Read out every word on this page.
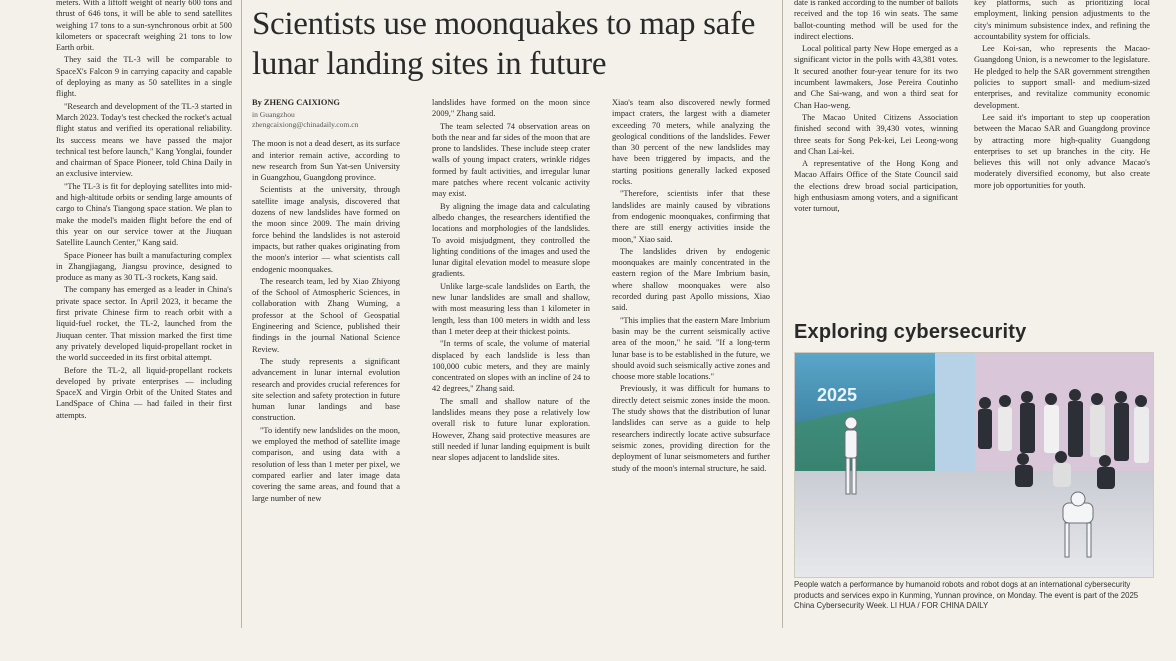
meters. With a liftoff weight of nearly 600 tons and thrust of 646 tons, it will be able to send satellites weighing 17 tons to a sun-synchronous orbit at 500 kilometers or spacecraft weighing 21 tons to low Earth orbit.

They said the TL-3 will be comparable to SpaceX's Falcon 9 in carrying capacity and capable of deploying as many as 50 satellites in a single flight.

"Research and development of the TL-3 started in March 2023. Today's test checked the rocket's actual flight status and verified its operational reliability. Its success means we have passed the major technical test before launch," Kang Yonglai, founder and chairman of Space Pioneer, told China Daily in an exclusive interview.

"The TL-3 is fit for deploying satellites into mid- and high-altitude orbits or sending large amounts of cargo to China's Tiangong space station. We plan to make the model's maiden flight before the end of this year on our service tower at the Jiuquan Satellite Launch Center," Kang said.

Space Pioneer has built a manufacturing complex in Zhangjiagang, Jiangsu province, designed to produce as many as 30 TL-3 rockets, Kang said.

The company has emerged as a leader in China's private space sector. In April 2023, it became the first private Chinese firm to reach orbit with a liquid-fuel rocket, the TL-2, launched from the Jiuquan center. That mission marked the first time any privately developed liquid-propellant rocket in the world succeeded in its first orbital attempt.

Before the TL-2, all liquid-propellant rockets developed by private enterprises — including SpaceX and Virgin Orbit of the United States and LandSpace of China — had failed in their first attempts.

Scientists use moonquakes to map safe lunar landing sites in future
By ZHENG CAIXIONG
in Guangzhou
zhengcaixiong@chinadaily.com.cn

The moon is not a dead desert, as its surface and interior remain active, according to new research from Sun Yat-sen University in Guangzhou, Guangdong province.

Scientists at the university, through satellite image analysis, discovered that dozens of new landslides have formed on the moon since 2009. The main driving force behind the landslides is not asteroid impacts, but rather quakes originating from the moon's interior — what scientists call endogenic moonquakes.

The research team, led by Xiao Zhiyong of the School of Atmospheric Sciences, in collaboration with Zhang Wuming, a professor at the School of Geospatial Engineering and Science, published their findings in the journal National Science Review.

The study represents a significant advancement in lunar internal evolution research and provides crucial references for site selection and safety protection in future human lunar landings and base construction.

"To identify new landslides on the moon, we employed the method of satellite image comparison, and using data with a resolution of less than 1 meter per pixel, we compared earlier and later image data covering the same areas, and found that a large number of new

landslides have formed on the moon since 2009," Zhang said.

The team selected 74 observation areas on both the near and far sides of the moon that are prone to landslides. These include steep crater walls of young impact craters, wrinkle ridges formed by fault activities, and irregular lunar mare patches where recent volcanic activity may exist.

By aligning the image data and calculating albedo changes, the researchers identified the locations and morphologies of the landslides. To avoid misjudgment, they controlled the lighting conditions of the images and used the lunar digital elevation model to measure slope gradients.

Unlike large-scale landslides on Earth, the new lunar landslides are small and shallow, with most measuring less than 1 kilometer in length, less than 100 meters in width and less than 1 meter deep at their thickest points.

"In terms of scale, the volume of material displaced by each landslide is less than 100,000 cubic meters, and they are mainly concentrated on slopes with an incline of 24 to 42 degrees," Zhang said.

The small and shallow nature of the landslides means they pose a relatively low overall risk to future lunar exploration. However, Zhang said protective measures are still needed if lunar landing equipment is built near slopes adjacent to landslide sites.

Xiao's team also discovered newly formed impact craters, the largest with a diameter exceeding 70 meters, while analyzing the geological conditions of the landslides. Fewer than 30 percent of the new landslides may have been triggered by impacts, and the starting positions generally lacked exposed rocks.

"Therefore, scientists infer that these landslides are mainly caused by vibrations from endogenic moonquakes, confirming that there are still energy activities inside the moon," Xiao said.

The landslides driven by endogenic moonquakes are mainly concentrated in the eastern region of the Mare Imbrium basin, where shallow moonquakes were also recorded during past Apollo missions, Xiao said.

"This implies that the eastern Mare Imbrium basin may be the current seismically active area of the moon," he said. "If a long-term lunar base is to be established in the future, we should avoid such seismically active zones and choose more stable locations."

Previously, it was difficult for humans to directly detect seismic zones inside the moon. The study shows that the distribution of lunar landslides can serve as a guide to help researchers indirectly locate active subsurface seismic zones, providing direction for the deployment of lunar seismometers and further study of the moon's internal structure, he said.

date is ranked according to the number of ballots received and the top 16 win seats. The same ballot-counting method will be used for the indirect elections.

Local political party New Hope emerged as a significant victor in the polls with 43,381 votes. It secured another four-year tenure for its two incumbent lawmakers, Jose Pereira Coutinho and Che Sai-wang, and won a third seat for Chan Hao-weng.

The Macao United Citizens Association finished second with 39,430 votes, winning three seats for Song Pek-kei, Lei Leong-wong and Chan Lai-kei.

A representative of the Hong Kong and Macao Affairs Office of the State Council said the elections drew broad social participation, high enthusiasm among voters, and a significant voter turnout,

key platforms, such as prioritizing local employment, linking pension adjustments to the city's minimum subsistence index, and refining the accountability system for officials.

Lee Koi-san, who represents the Macao-Guangdong Union, is a newcomer to the legislature. He pledged to help the SAR government strengthen policies to support small- and medium-sized enterprises, and revitalize community economic development.

Lee said it's important to step up cooperation between the Macao SAR and Guangdong province by attracting more high-quality Guangdong enterprises to set up branches in the city. He believes this will not only advance Macao's moderately diversified economy, but also create more job opportunities for youth.

Exploring cybersecurity
2025
People watch a performance by humanoid robots and robot dogs at an international cybersecurity products and services expo in Kunming, Yunnan province, on Monday. The event is part of the 2025 China Cybersecurity Week. LI HUA / FOR CHINA DAILY
